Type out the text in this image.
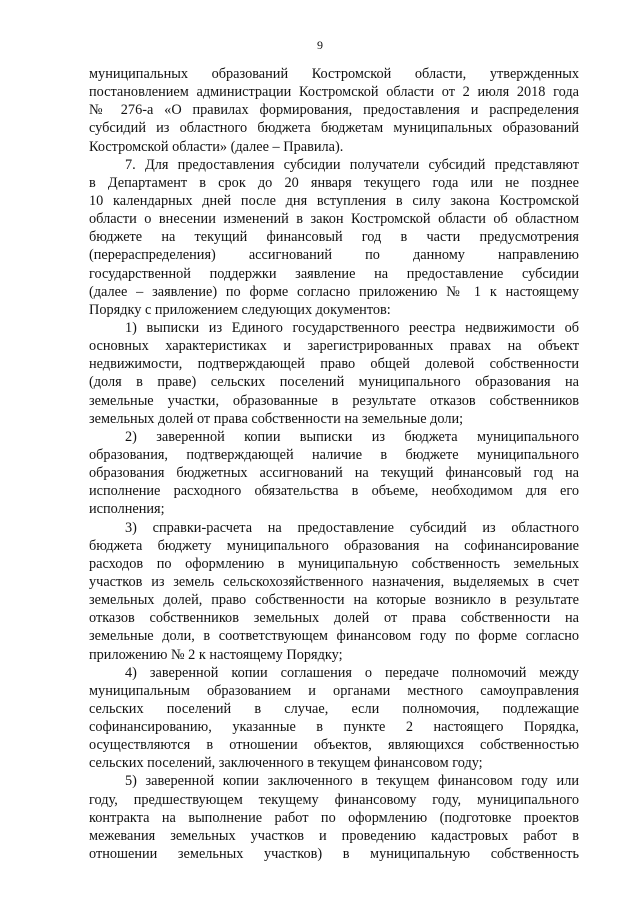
9
муниципальных образований Костромской области, утвержденных
постановлением администрации Костромской области от 2 июля 2018 года
№ 276-а «О правилах формирования, предоставления и распределения
субсидий из областного бюджета бюджетам муниципальных образований
Костромской области» (далее – Правила).
7. Для предоставления субсидии получатели субсидий представляют
в Департамент в срок до 20 января текущего года или не позднее
10 календарных дней после дня вступления в силу закона Костромской
области о внесении изменений в закон Костромской области об областном
бюджете на текущий финансовый год в части предусмотрения
(перераспределения) ассигнований по данному направлению
государственной поддержки заявление на предоставление субсидии
(далее – заявление) по форме согласно приложению № 1 к настоящему
Порядку с приложением следующих документов:
1) выписки из Единого государственного реестра недвижимости об
основных характеристиках и зарегистрированных правах на объект
недвижимости, подтверждающей право общей долевой собственности
(доля в праве) сельских поселений муниципального образования на
земельные участки, образованные в результате отказов собственников
земельных долей от права собственности на земельные доли;
2) заверенной копии выписки из бюджета муниципального
образования, подтверждающей наличие в бюджете муниципального
образования бюджетных ассигнований на текущий финансовый год на
исполнение расходного обязательства в объеме, необходимом для его
исполнения;
3) справки-расчета на предоставление субсидий из областного
бюджета бюджету муниципального образования на софинансирование
расходов по оформлению в муниципальную собственность земельных
участков из земель сельскохозяйственного назначения, выделяемых в счет
земельных долей, право собственности на которые возникло в результате
отказов собственников земельных долей от права собственности на
земельные доли, в соответствующем финансовом году по форме согласно
приложению № 2 к настоящему Порядку;
4) заверенной копии соглашения о передаче полномочий между
муниципальным образованием и органами местного самоуправления
сельских поселений в случае, если полномочия, подлежащие
софинансированию, указанные в пункте 2 настоящего Порядка,
осуществляются в отношении объектов, являющихся собственностью
сельских поселений, заключенного в текущем финансовом году;
5) заверенной копии заключенного в текущем финансовом году или
году, предшествующем текущему финансовому году, муниципального
контракта на выполнение работ по оформлению (подготовке проектов
межевания земельных участков и проведению кадастровых работ в
отношении земельных участков) в муниципальную собственность
